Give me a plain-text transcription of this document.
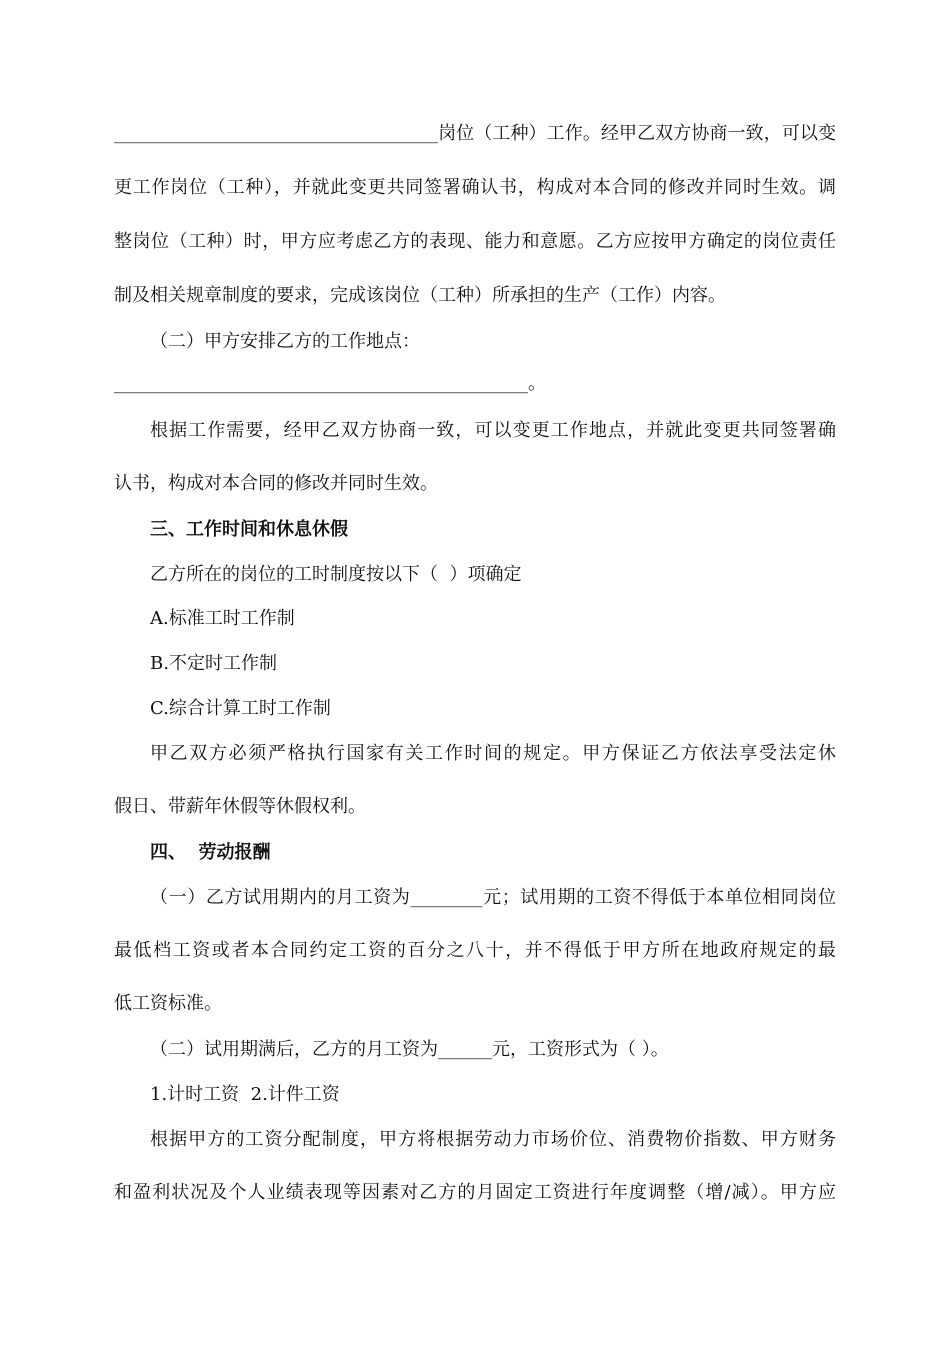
____________________________________岗位（工种）工作。经甲乙双方协商一致，可以变
更工作岗位（工种），并就此变更共同签署确认书，构成对本合同的修改并同时生效。调
整岗位（工种）时，甲方应考虑乙方的表现、能力和意愿。乙方应按甲方确定的岗位责任
制及相关规章制度的要求，完成该岗位（工种）所承担的生产（工作）内容。
（二）甲方安排乙方的工作地点：
______________________________________________。
根据工作需要，经甲乙双方协商一致，可以变更工作地点，并就此变更共同签署确
认书，构成对本合同的修改并同时生效。
三、工作时间和休息休假
乙方所在的岗位的工时制度按以下（  ）项确定
A.标准工时工作制
B.不定时工作制
C.综合计算工时工作制
甲乙双方必须严格执行国家有关工作时间的规定。甲方保证乙方依法享受法定休
假日、带薪年休假等休假权利。
四、  劳动报酬
（一）乙方试用期内的月工资为________元；试用期的工资不得低于本单位相同岗位
最低档工资或者本合同约定工资的百分之八十，并不得低于甲方所在地政府规定的最
低工资标准。
（二）试用期满后，乙方的月工资为______元，工资形式为（ ）。
1.计时工资  2.计件工资
根据甲方的工资分配制度，甲方将根据劳动力市场价位、消费物价指数、甲方财务
和盈利状况及个人业绩表现等因素对乙方的月固定工资进行年度调整（增/减）。甲方应
